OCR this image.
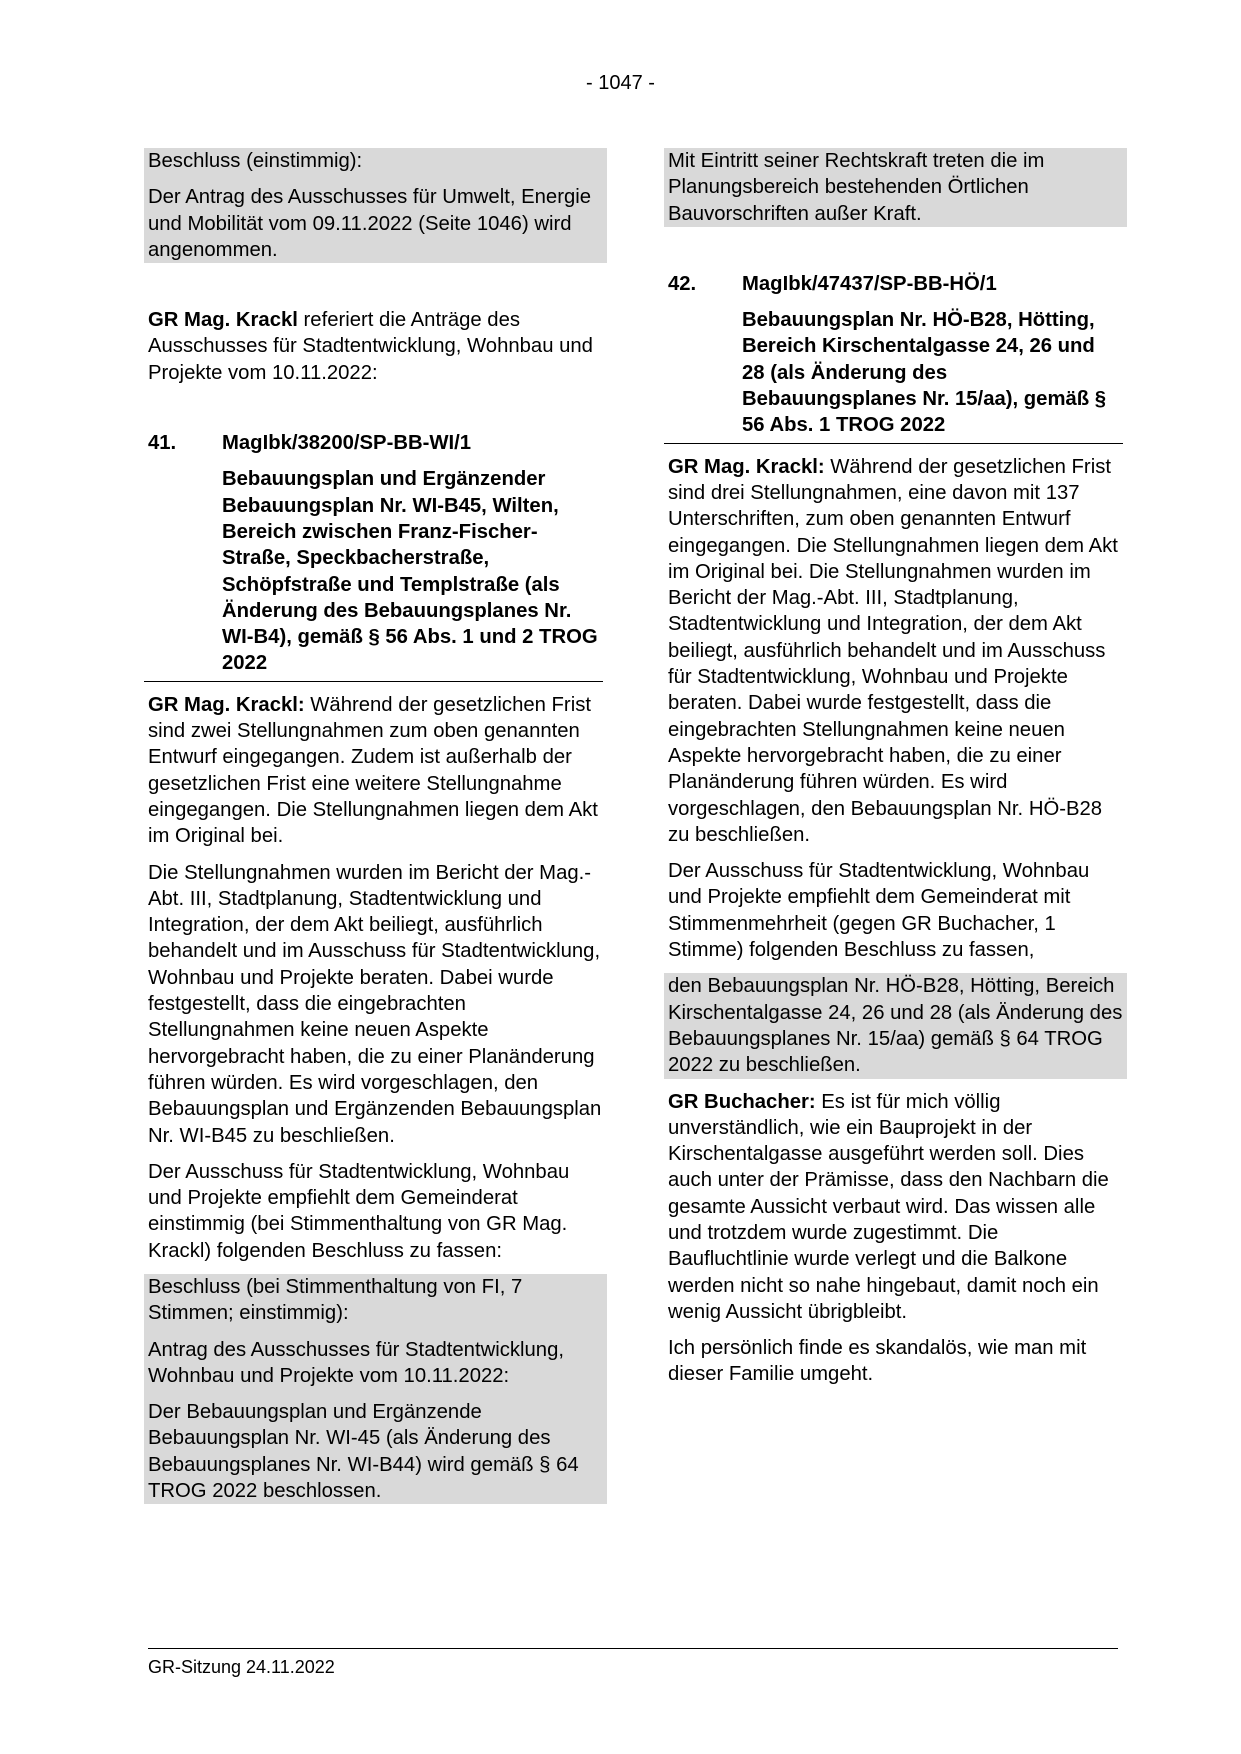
- 1047 -

Beschluss (einstimmig):

Der Antrag des Ausschusses für Umwelt, Energie und Mobilität vom 09.11.2022 (Seite 1046) wird angenommen.

GR Mag. Krackl referiert die Anträge des Ausschusses für Stadtentwicklung, Wohnbau und Projekte vom 10.11.2022:

41.	MagIbk/38200/SP-BB-WI/1
Bebauungsplan und Ergänzender Bebauungsplan Nr. WI-B45, Wilten, Bereich zwischen Franz-Fischer-Straße, Speckbacherstraße, Schöpfstraße und Templstraße (als Änderung des Bebauungsplanes Nr. WI-B4), gemäß § 56 Abs. 1 und 2 TROG 2022

GR Mag. Krackl: Während der gesetzlichen Frist sind zwei Stellungnahmen zum oben genannten Entwurf eingegangen. Zudem ist außerhalb der gesetzlichen Frist eine weitere Stellungnahme eingegangen. Die Stellungnahmen liegen dem Akt im Original bei.

Die Stellungnahmen wurden im Bericht der Mag.-Abt. III, Stadtplanung, Stadtentwicklung und Integration, der dem Akt beiliegt, ausführlich behandelt und im Ausschuss für Stadtentwicklung, Wohnbau und Projekte beraten. Dabei wurde festgestellt, dass die eingebrachten Stellungnahmen keine neuen Aspekte hervorgebracht haben, die zu einer Planänderung führen würden. Es wird vorgeschlagen, den Bebauungsplan und Ergänzenden Bebauungsplan Nr. WI-B45 zu beschließen.

Der Ausschuss für Stadtentwicklung, Wohnbau und Projekte empfiehlt dem Gemeinderat einstimmig (bei Stimmenthaltung von GR Mag. Krackl) folgenden Beschluss zu fassen:

Beschluss (bei Stimmenthaltung von FI, 7 Stimmen; einstimmig):

Antrag des Ausschusses für Stadtentwicklung, Wohnbau und Projekte vom 10.11.2022:

Der Bebauungsplan und Ergänzende Bebauungsplan Nr. WI-45 (als Änderung des Bebauungsplanes Nr. WI-B44) wird gemäß § 64 TROG 2022 beschlossen.

Mit Eintritt seiner Rechtskraft treten die im Planungsbereich bestehenden Örtlichen Bauvorschriften außer Kraft.

42.	MagIbk/47437/SP-BB-HÖ/1
Bebauungsplan Nr. HÖ-B28, Hötting, Bereich Kirschentalgasse 24, 26 und 28 (als Änderung des Bebauungsplanes Nr. 15/aa), gemäß § 56 Abs. 1 TROG 2022

GR Mag. Krackl: Während der gesetzlichen Frist sind drei Stellungnahmen, eine davon mit 137 Unterschriften, zum oben genannten Entwurf eingegangen. Die Stellungnahmen liegen dem Akt im Original bei. Die Stellungnahmen wurden im Bericht der Mag.-Abt. III, Stadtplanung, Stadtentwicklung und Integration, der dem Akt beiliegt, ausführlich behandelt und im Ausschuss für Stadtentwicklung, Wohnbau und Projekte beraten. Dabei wurde festgestellt, dass die eingebrachten Stellungnahmen keine neuen Aspekte hervorgebracht haben, die zu einer Planänderung führen würden. Es wird vorgeschlagen, den Bebauungsplan Nr. HÖ-B28 zu beschließen.

Der Ausschuss für Stadtentwicklung, Wohnbau und Projekte empfiehlt dem Gemeinderat mit Stimmenmehrheit (gegen GR Buchacher, 1 Stimme) folgenden Beschluss zu fassen,

den Bebauungsplan Nr. HÖ-B28, Hötting, Bereich Kirschentalgasse 24, 26 und 28 (als Änderung des Bebauungsplanes Nr. 15/aa) gemäß § 64 TROG 2022 zu beschließen.

GR Buchacher: Es ist für mich völlig unverständlich, wie ein Bauprojekt in der Kirschentalgasse ausgeführt werden soll. Dies auch unter der Prämisse, dass den Nachbarn die gesamte Aussicht verbaut wird. Das wissen alle und trotzdem wurde zugestimmt. Die Baufluchtlinie wurde verlegt und die Balkone werden nicht so nahe hingebaut, damit noch ein wenig Aussicht übrigbleibt.

Ich persönlich finde es skandalös, wie man mit dieser Familie umgeht.

GR-Sitzung 24.11.2022
